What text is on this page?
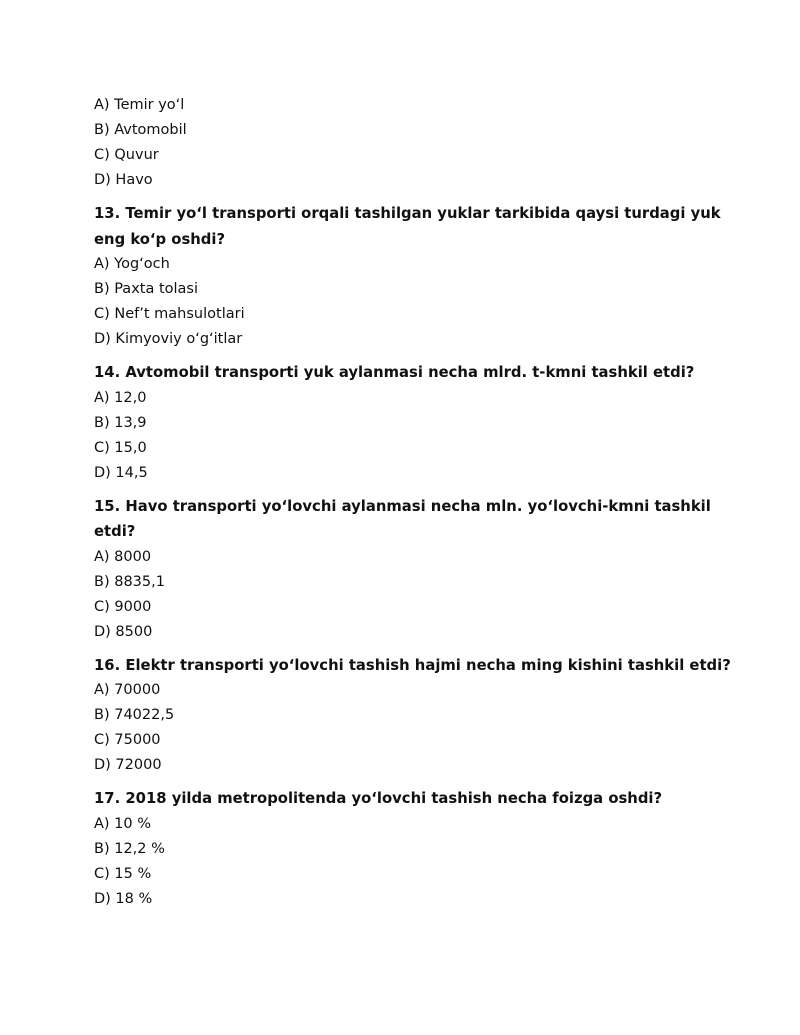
A) Temir yo‘l

B) Avtomobil

C) Quvur

D) Havo

13. Temir yo‘l transporti orqali tashilgan yuklar tarkibida qaysi turdagi yuk eng ko‘p oshdi?

A) Yog‘och

B) Paxta tolasi

C) Nef’t mahsulotlari

D) Kimyoviy o‘g‘itlar

14. Avtomobil transporti yuk aylanmasi necha mlrd. t-kmni tashkil etdi?

A) 12,0

B) 13,9

C) 15,0

D) 14,5

15. Havo transporti yo‘lovchi aylanmasi necha mln. yo‘lovchi-kmni tashkil etdi?

A) 8000

B) 8835,1

C) 9000

D) 8500

16. Elektr transporti yo‘lovchi tashish hajmi necha ming kishini tashkil etdi?

A) 70000

B) 74022,5

C) 75000

D) 72000

17. 2018 yilda metropolitenda yo‘lovchi tashish necha foizga oshdi?

A) 10 %

B) 12,2 %

C) 15 %

D) 18 %
